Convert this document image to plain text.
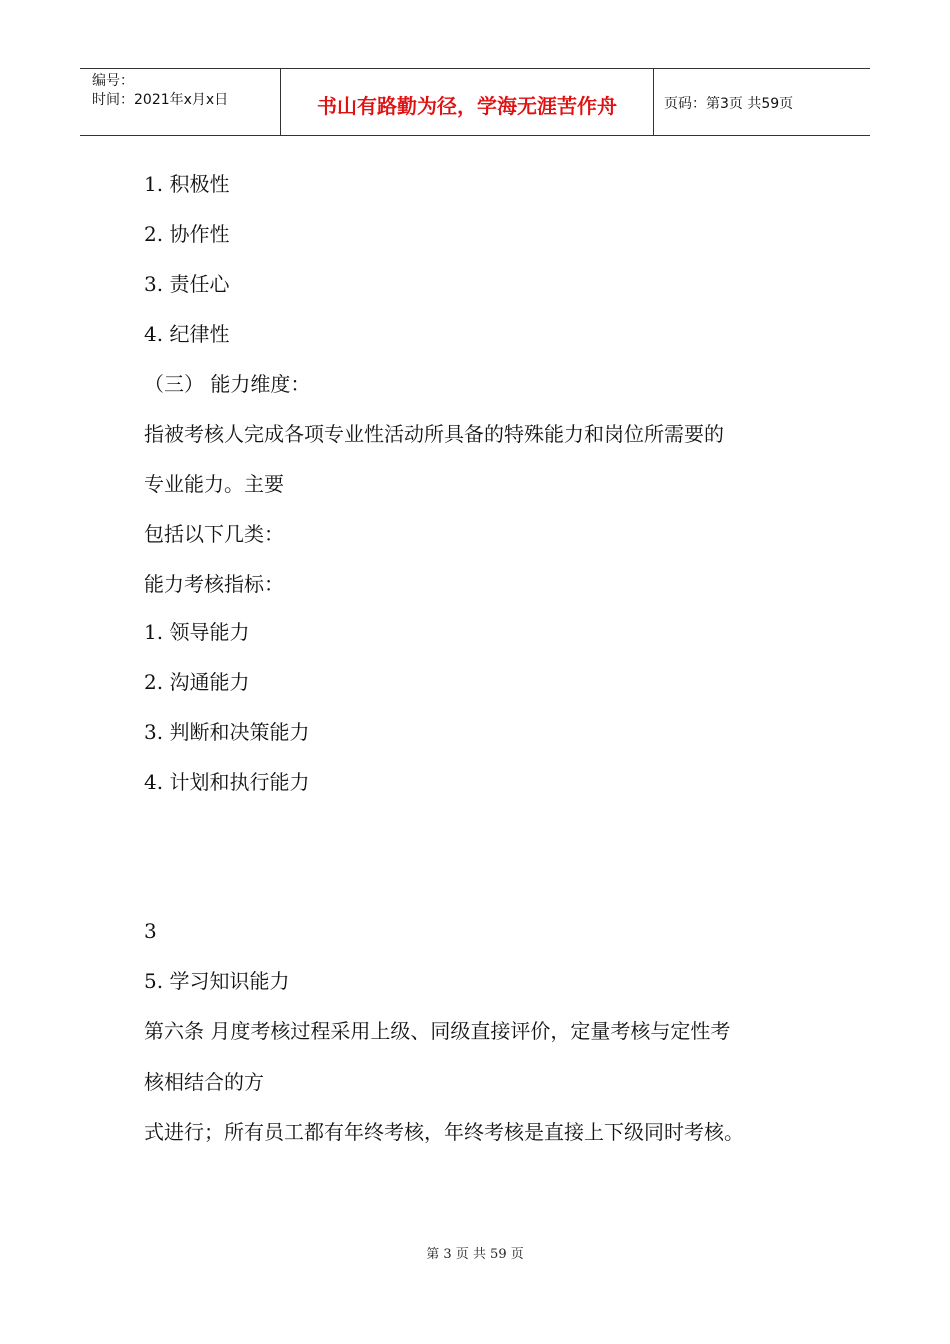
编号：
时间：2021年x月x日	书山有路勤为径，学海无涯苦作舟	页码：第3页 共59页
1. 积极性
2. 协作性
3. 责任心
4. 纪律性
（三） 能力维度：
指被考核人完成各项专业性活动所具备的特殊能力和岗位所需要的
专业能力。主要
包括以下几类：
能力考核指标：
1. 领导能力
2. 沟通能力
3. 判断和决策能力
4. 计划和执行能力
3
5. 学习知识能力
第六条 月度考核过程采用上级、同级直接评价，定量考核与定性考
核相结合的方
式进行；所有员工都有年终考核，年终考核是直接上下级同时考核。
第 3 页 共 59 页
